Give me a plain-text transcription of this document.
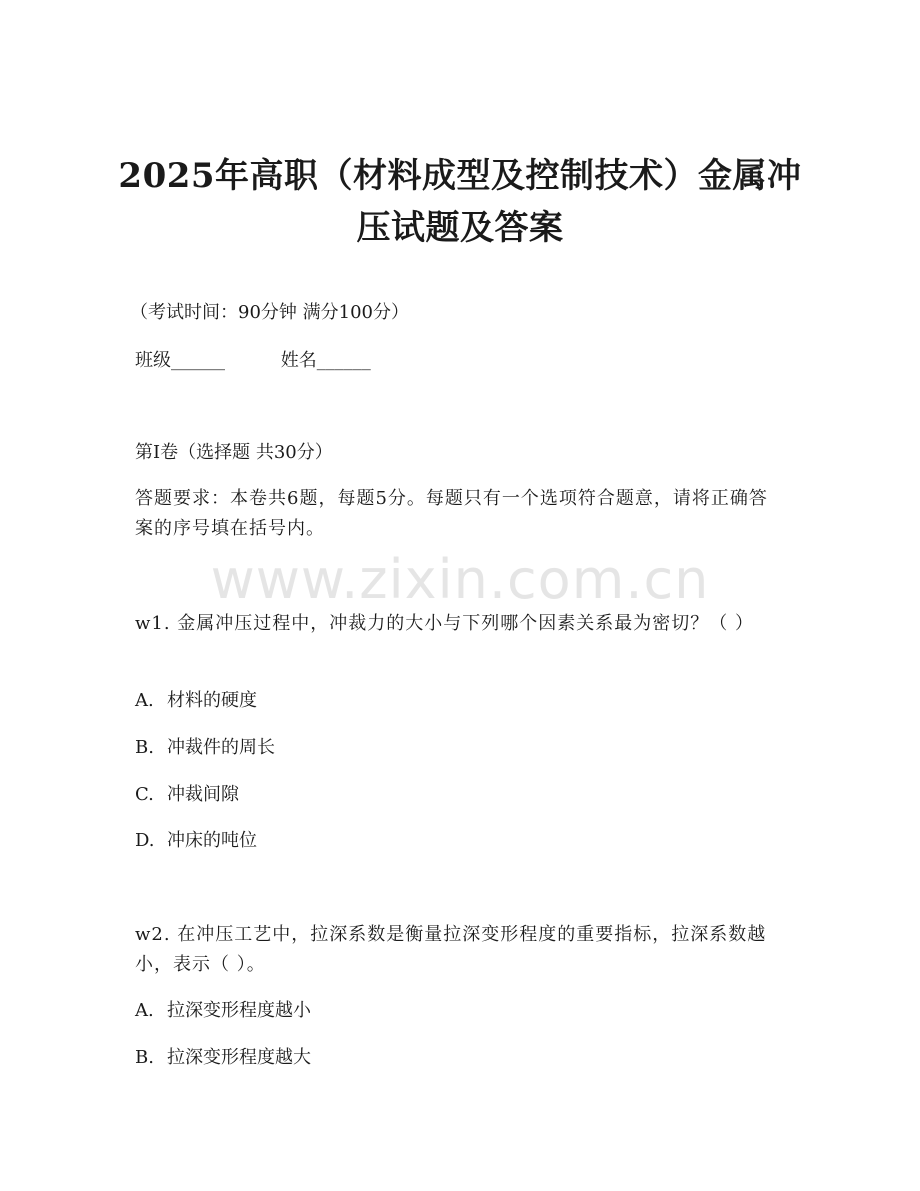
2025年高职（材料成型及控制技术）金属冲
压试题及答案
（考试时间：90分钟 满分100分）
班级______	姓名______
第I卷（选择题 共30分）
答题要求：本卷共6题，每题5分。每题只有一个选项符合题意，请将正确答案的序号填在括号内。
www.zixin.com.cn
w1. 金属冲压过程中，冲裁力的大小与下列哪个因素关系最为密切？（ ）
A. 材料的硬度
B. 冲裁件的周长
C. 冲裁间隙
D. 冲床的吨位
w2. 在冲压工艺中，拉深系数是衡量拉深变形程度的重要指标，拉深系数越小，表示（ ）。
A. 拉深变形程度越小
B. 拉深变形程度越大
